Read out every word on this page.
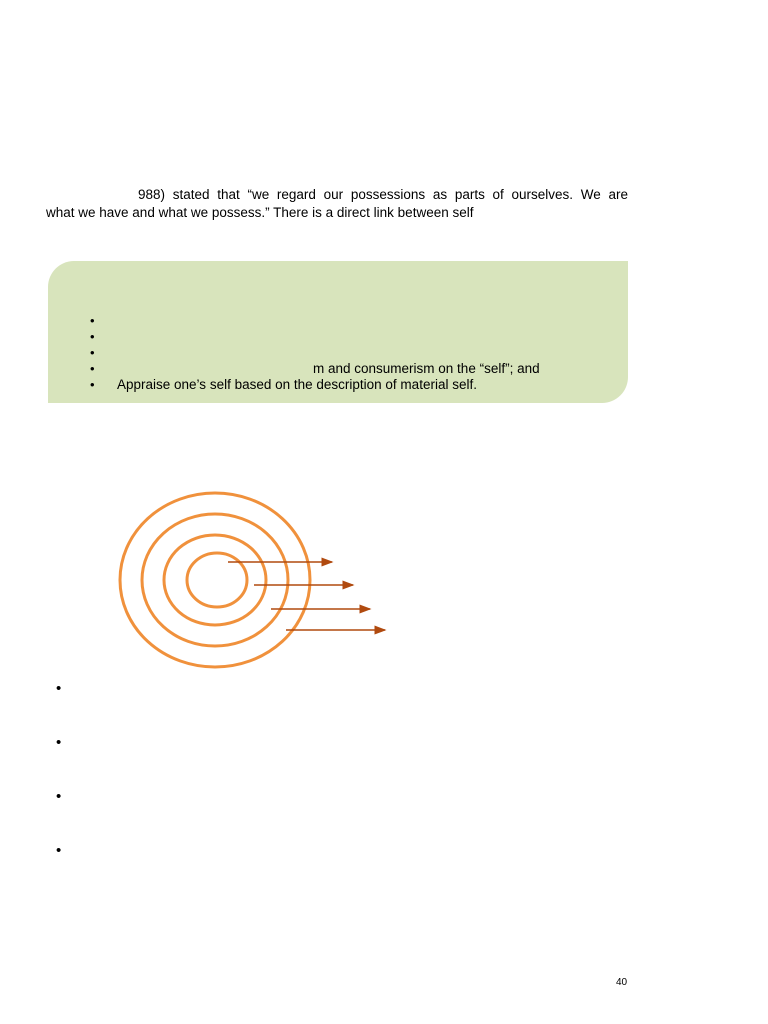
988) stated that “we regard our possessions as parts of ourselves. We are

what we have and what we possess.” There is a direct link between self

•
•
•
• m and consumerism on the “self”; and
• Appraise one’s self based on the description of material self.
40
